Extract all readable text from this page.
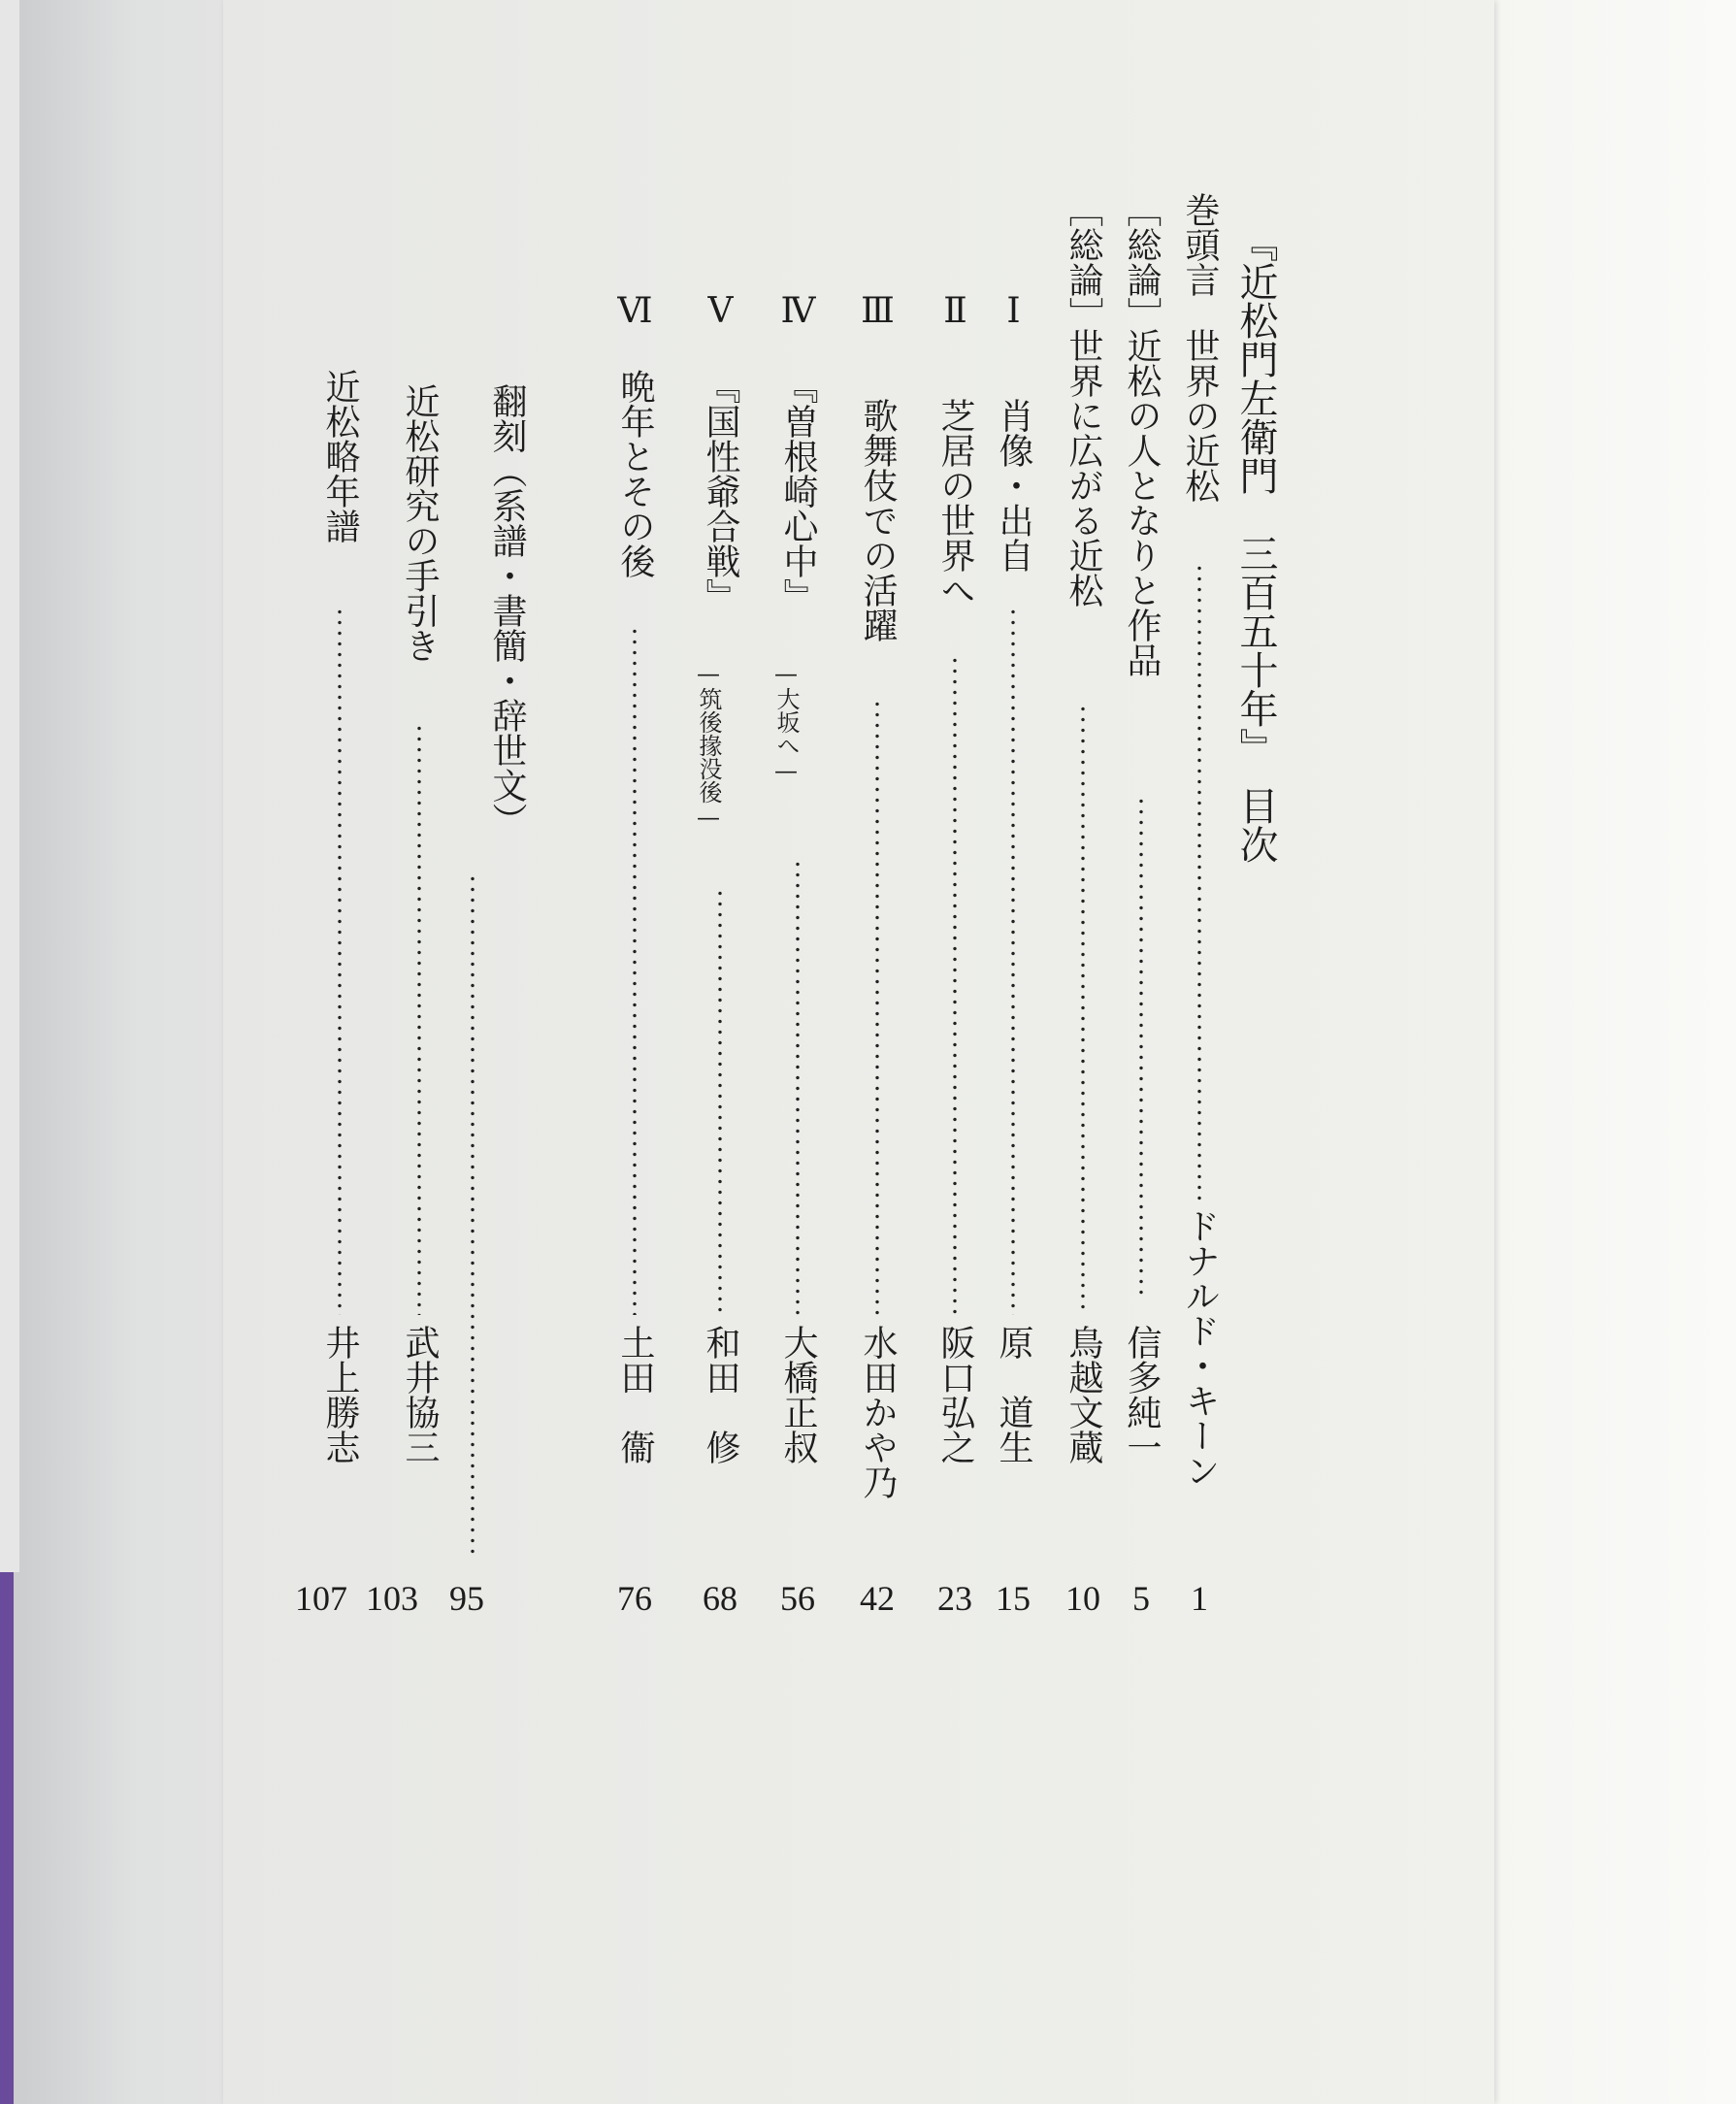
『近松門左衛門　三百五十年』　目次
巻頭言
世界の近松
ドナルド・キーン
1
［総論］
近松の人となりと作品
信多純一
5
［総論］
世界に広がる近松
鳥越文蔵
10
Ⅰ
肖像・出自
原　道生
15
Ⅱ
芝居の世界へ
阪口弘之
23
Ⅲ
歌舞伎での活躍
水田かや乃
42
Ⅳ
『曽根崎心中』
—大坂へ—
大橋正叔
56
Ⅴ
『国性爺合戦』
—筑後掾没後—
和田　修
68
Ⅵ
晩年とその後
土田　衞
76
翻刻（系譜・書簡・辞世文）
95
近松研究の手引き
武井協三
103
近松略年譜
井上勝志
107
